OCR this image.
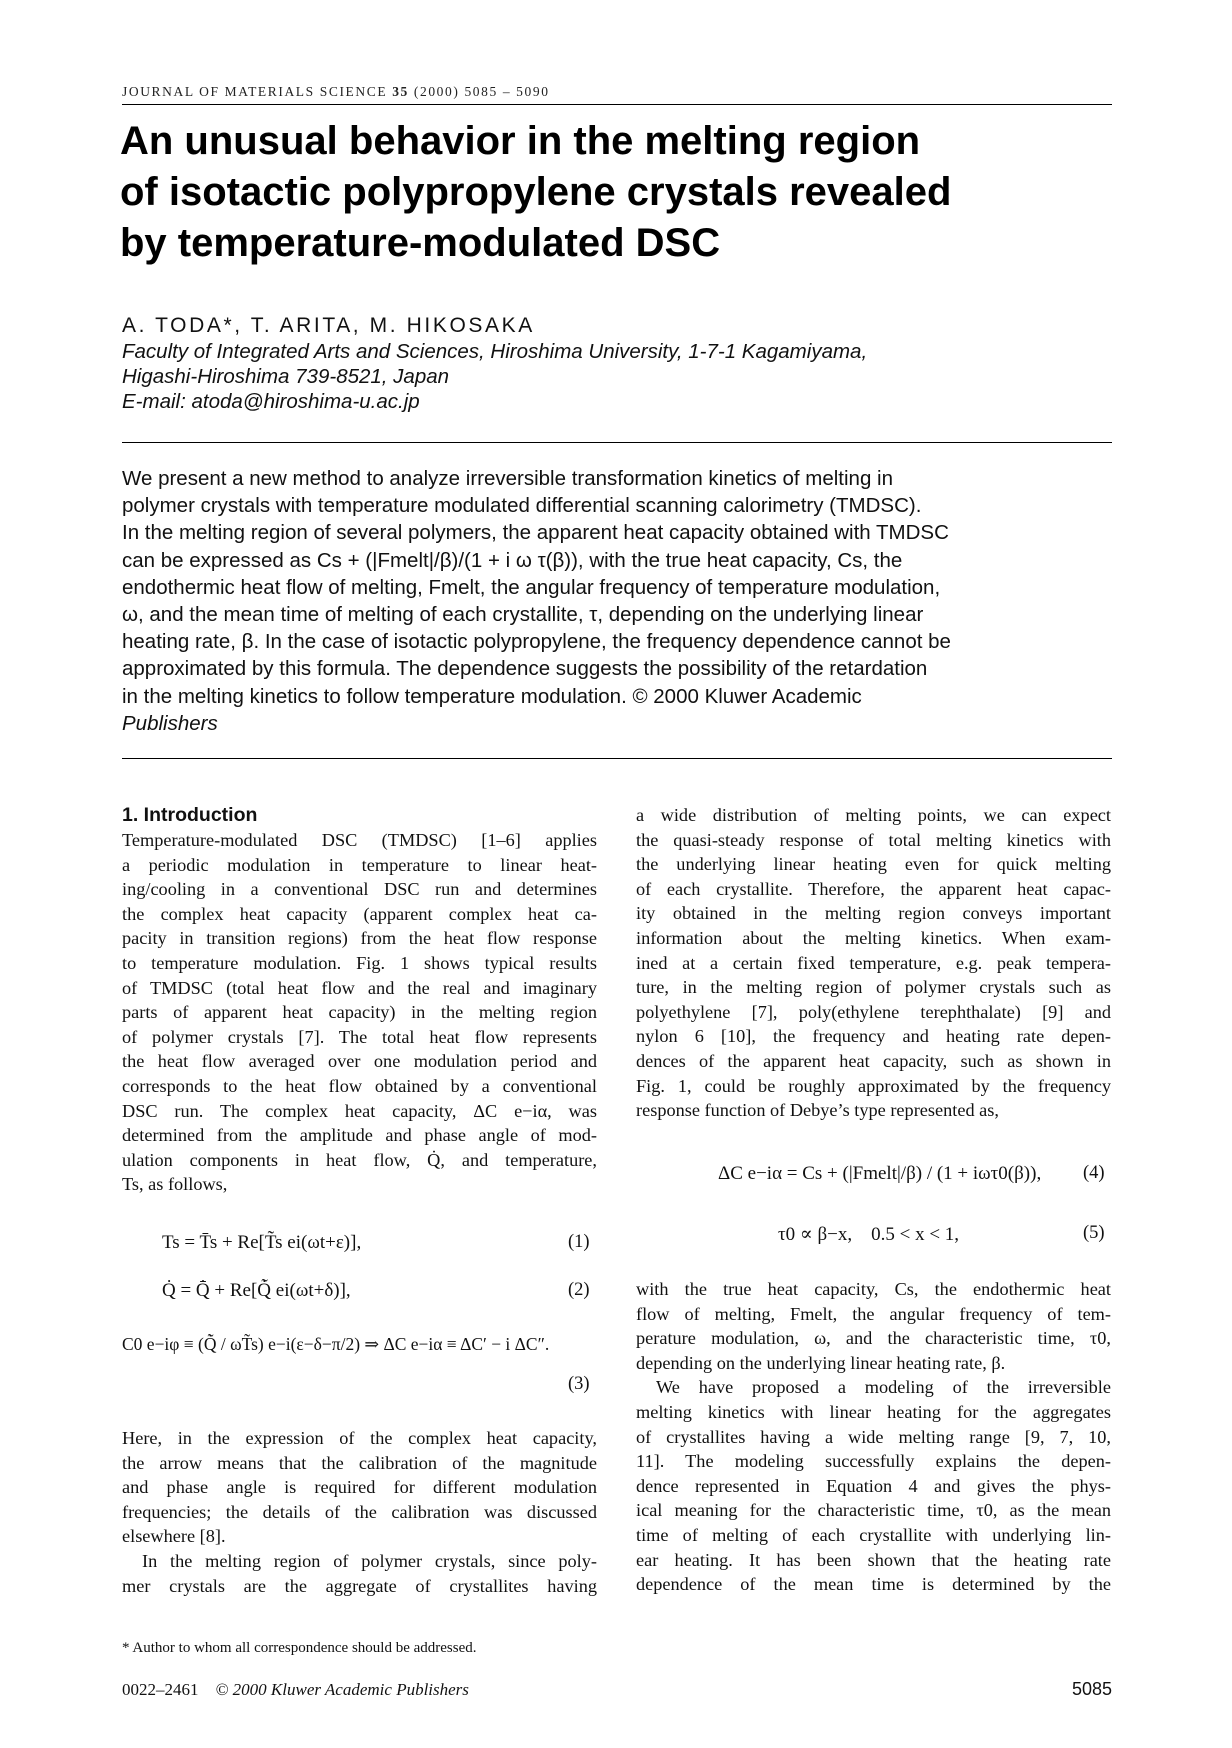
JOURNAL OF MATERIALS SCIENCE 35 (2000) 5085 – 5090
An unusual behavior in the melting region
of isotactic polypropylene crystals revealed
by temperature-modulated DSC
A. TODA*, T. ARITA, M. HIKOSAKA
Faculty of Integrated Arts and Sciences, Hiroshima University, 1-7-1 Kagamiyama,
Higashi-Hiroshima 739-8521, Japan
E-mail: atoda@hiroshima-u.ac.jp
We present a new method to analyze irreversible transformation kinetics of melting in
polymer crystals with temperature modulated differential scanning calorimetry (TMDSC).
In the melting region of several polymers, the apparent heat capacity obtained with TMDSC
can be expressed as Cs + (|Fmelt|/β)/(1 + i ω τ(β)), with the true heat capacity, Cs, the
endothermic heat flow of melting, Fmelt, the angular frequency of temperature modulation,
ω, and the mean time of melting of each crystallite, τ, depending on the underlying linear
heating rate, β. In the case of isotactic polypropylene, the frequency dependence cannot be
approximated by this formula. The dependence suggests the possibility of the retardation
in the melting kinetics to follow temperature modulation. © 2000 Kluwer Academic
Publishers
1. Introduction
Temperature-modulated DSC (TMDSC) [1–6] applies
a periodic modulation in temperature to linear heat-
ing/cooling in a conventional DSC run and determines
the complex heat capacity (apparent complex heat ca-
pacity in transition regions) from the heat flow response
to temperature modulation. Fig. 1 shows typical results
of TMDSC (total heat flow and the real and imaginary
parts of apparent heat capacity) in the melting region
of polymer crystals [7]. The total heat flow represents
the heat flow averaged over one modulation period and
corresponds to the heat flow obtained by a conventional
DSC run. The complex heat capacity, ΔC e−iα, was
determined from the amplitude and phase angle of mod-
ulation components in heat flow, Q̇, and temperature,
Ts, as follows,
Ts = T̄s + Re[T̃s ei(ωt+ε)],	(1)
Q̇ = Q̄̇ + Re[Q̃̇ ei(ωt+δ)],	(2)
C0 e−iφ ≡ (Q̃̇ / ωT̃s) e−i(ε−δ−π/2) ⇒ ΔC e−iα ≡ ΔC′ − i ΔC″.
(3)
Here, in the expression of the complex heat capacity,
the arrow means that the calibration of the magnitude
and phase angle is required for different modulation
frequencies; the details of the calibration was discussed
elsewhere [8].
In the melting region of polymer crystals, since poly-
mer crystals are the aggregate of crystallites having
a wide distribution of melting points, we can expect
the quasi-steady response of total melting kinetics with
the underlying linear heating even for quick melting
of each crystallite. Therefore, the apparent heat capac-
ity obtained in the melting region conveys important
information about the melting kinetics. When exam-
ined at a certain fixed temperature, e.g. peak tempera-
ture, in the melting region of polymer crystals such as
polyethylene [7], poly(ethylene terephthalate) [9] and
nylon 6 [10], the frequency and heating rate depen-
dences of the apparent heat capacity, such as shown in
Fig. 1, could be roughly approximated by the frequency
response function of Debye’s type represented as,
ΔC e−iα = Cs + (|Fmelt|/β) / (1 + iωτ0(β)), (4)
τ0 ∝ β−x,    0.5 < x < 1,	(5)
with the true heat capacity, Cs, the endothermic heat
flow of melting, Fmelt, the angular frequency of tem-
perature modulation, ω, and the characteristic time, τ0,
depending on the underlying linear heating rate, β.
We have proposed a modeling of the irreversible
melting kinetics with linear heating for the aggregates
of crystallites having a wide melting range [9, 7, 10,
11]. The modeling successfully explains the depen-
dence represented in Equation 4 and gives the phys-
ical meaning for the characteristic time, τ0, as the mean
time of melting of each crystallite with underlying lin-
ear heating. It has been shown that the heating rate
dependence of the mean time is determined by the
* Author to whom all correspondence should be addressed.
0022–2461 © 2000 Kluwer Academic Publishers	5085
